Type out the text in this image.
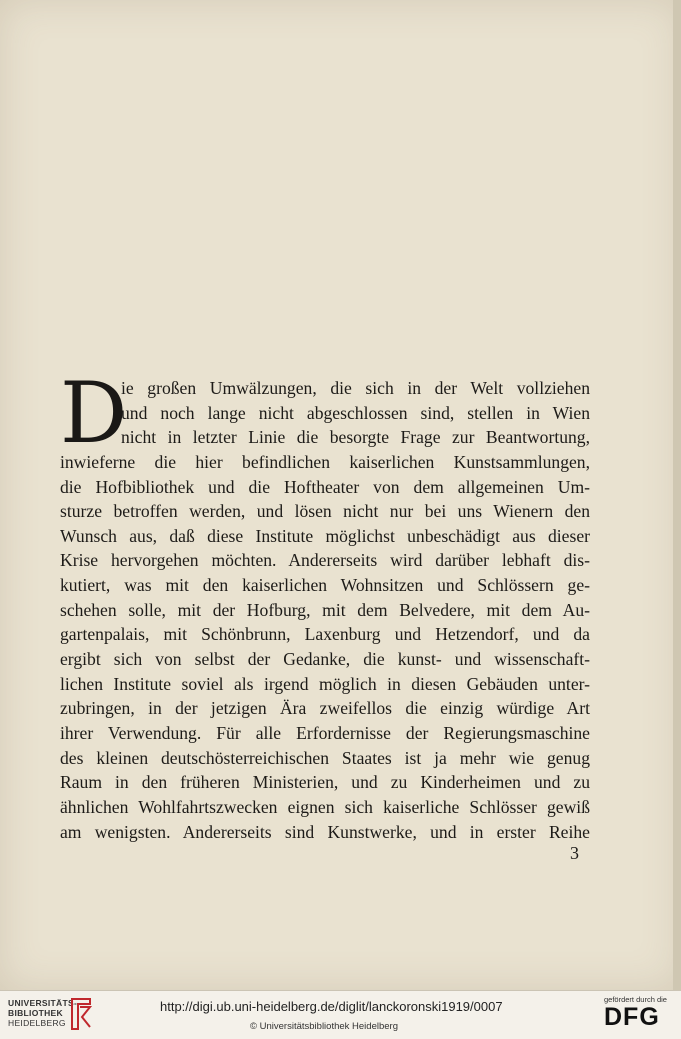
D
ie großen Umwälzungen, die sich in der Welt vollziehen
und noch lange nicht abgeschlossen sind, stellen in Wien
nicht in letzter Linie die besorgte Frage zur Beantwortung,
inwieferne die hier befindlichen kaiserlichen Kunstsammlungen,
die Hofbibliothek und die Hoftheater von dem allgemeinen Um-
sturze betroffen werden, und lösen nicht nur bei uns Wienern den
Wunsch aus, daß diese Institute möglichst unbeschädigt aus dieser
Krise hervorgehen möchten. Andererseits wird darüber lebhaft dis-
kutiert, was mit den kaiserlichen Wohnsitzen und Schlössern ge-
schehen solle, mit der Hofburg, mit dem Belvedere, mit dem Au-
gartenpalais, mit Schönbrunn, Laxenburg und Hetzendorf, und da
ergibt sich von selbst der Gedanke, die kunst- und wissenschaft-
lichen Institute soviel als irgend möglich in diesen Gebäuden unter-
zubringen, in der jetzigen Ära zweifellos die einzig würdige Art
ihrer Verwendung. Für alle Erfordernisse der Regierungsmaschine
des kleinen deutschösterreichischen Staates ist ja mehr wie genug
Raum in den früheren Ministerien, und zu Kinderheimen und zu
ähnlichen Wohlfahrtszwecken eignen sich kaiserliche Schlösser gewiß
am wenigsten. Andererseits sind Kunstwerke, und in erster Reihe
3
UNIVERSITÄTS-
BIBLIOTHEK
HEIDELBERG
http://digi.ub.uni-heidelberg.de/diglit/lanckoronski1919/0007
© Universitätsbibliothek Heidelberg
gefördert durch die
DFG
